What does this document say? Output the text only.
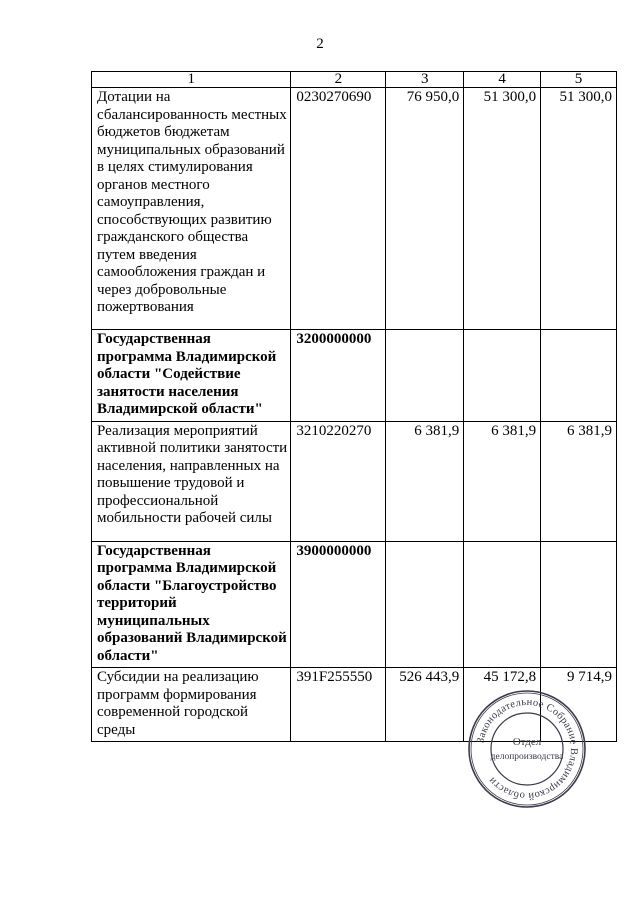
2
1	2	3	4	5
Дотации на сбалансированность местных бюджетов бюджетам муниципальных образований в целях стимулирования органов местного самоуправления, способствующих развитию гражданского общества путем введения самообложения граждан и через добровольные пожертвования	0230270690	76 950,0	51 300,0	51 300,0
Государственная программа Владимирской области "Содействие занятости населения Владимирской области"	3200000000			
Реализация мероприятий активной политики занятости населения, направленных на повышение трудовой и профессиональной мобильности рабочей силы	3210220270	6 381,9	6 381,9	6 381,9
Государственная программа Владимирской области "Благоустройство территорий муниципальных образований Владимирской области"	3900000000			
Субсидии на реализацию программ формирования современной городской среды	391F255550	526 443,9	45 172,8	9 714,9
Законодательное Собрание Владимирской области
Отдел
делопроизводства
